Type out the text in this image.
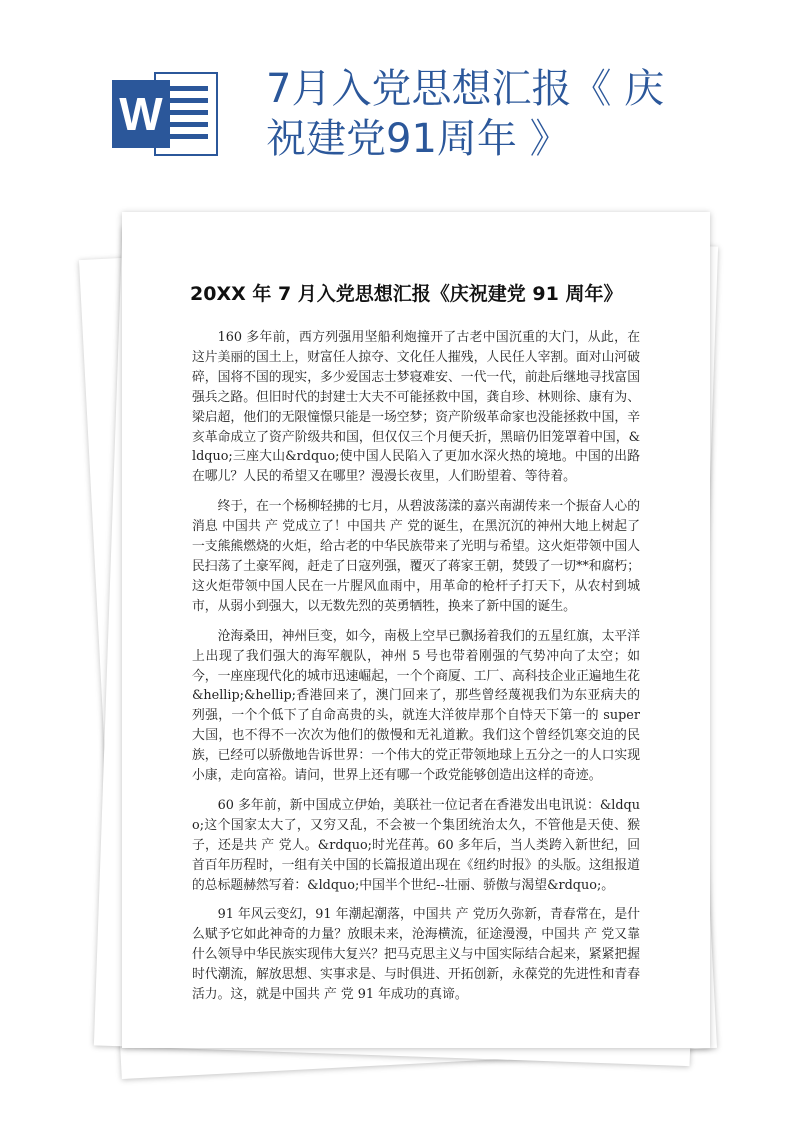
W	7月入党思想汇报《 庆祝建党91周年 》
20XX 年 7 月入党思想汇报《庆祝建党 91 周年》

160 多年前，西方列强用坚船利炮撞开了古老中国沉重的大门，从此，在这片美丽的国土上，财富任人掠夺、文化任人摧残，人民任人宰割。面对山河破碎，国将不国的现实，多少爱国志士梦寝难安、一代一代，前赴后继地寻找富国强兵之路。但旧时代的封建士大夫不可能拯救中国，龚自珍、林则徐、康有为、梁启超，他们的无限憧憬只能是一场空梦；资产阶级革命家也没能拯救中国，辛亥革命成立了资产阶级共和国，但仅仅三个月便夭折，黑暗仍旧笼罩着中国，&ldquo;三座大山&rdquo;使中国人民陷入了更加水深火热的境地。中国的出路在哪儿？人民的希望又在哪里？漫漫长夜里，人们盼望着、等待着。

终于，在一个杨柳轻拂的七月，从碧波荡漾的嘉兴南湖传来一个振奋人心的消息 中国共 产 党成立了！中国共 产 党的诞生，在黑沉沉的神州大地上树起了一支熊熊燃烧的火炬，给古老的中华民族带来了光明与希望。这火炬带领中国人民扫荡了土豪军阀，赶走了日寇列强，覆灭了蒋家王朝，焚毁了一切**和腐朽；这火炬带领中国人民在一片腥风血雨中，用革命的枪杆子打天下，从农村到城市，从弱小到强大，以无数先烈的英勇牺牲，换来了新中国的诞生。

沧海桑田，神州巨变，如今，南极上空早已飘扬着我们的五星红旗，太平洋上出现了我们强大的海军舰队，神州 5 号也带着刚强的气势冲向了太空；如今，一座座现代化的城市迅速崛起，一个个商厦、工厂、高科技企业正遍地生花&hellip;&hellip;香港回来了，澳门回来了，那些曾经蔑视我们为东亚病夫的列强，一个个低下了自命高贵的头，就连大洋彼岸那个自恃天下第一的 super 大国，也不得不一次次为他们的傲慢和无礼道歉。我们这个曾经饥寒交迫的民族，已经可以骄傲地告诉世界：一个伟大的党正带领地球上五分之一的人口实现小康，走向富裕。请问，世界上还有哪一个政党能够创造出这样的奇迹。

60 多年前，新中国成立伊始，美联社一位记者在香港发出电讯说：&ldquo;这个国家太大了，又穷又乱，不会被一个集团统治太久，不管他是天使、猴子，还是共 产 党人。&rdquo;时光荏苒。60 多年后，当人类跨入新世纪，回首百年历程时，一组有关中国的长篇报道出现在《纽约时报》的头版。这组报道的总标题赫然写着：&ldquo;中国半个世纪--壮丽、骄傲与渴望&rdquo;。

91 年风云变幻，91 年潮起潮落，中国共 产 党历久弥新，青春常在，是什么赋予它如此神奇的力量？放眼未来，沧海横流，征途漫漫，中国共 产 党又靠什么领导中华民族实现伟大复兴？把马克思主义与中国实际结合起来，紧紧把握时代潮流，解放思想、实事求是、与时俱进、开拓创新，永葆党的先进性和青春活力。这，就是中国共 产 党 91 年成功的真谛。
